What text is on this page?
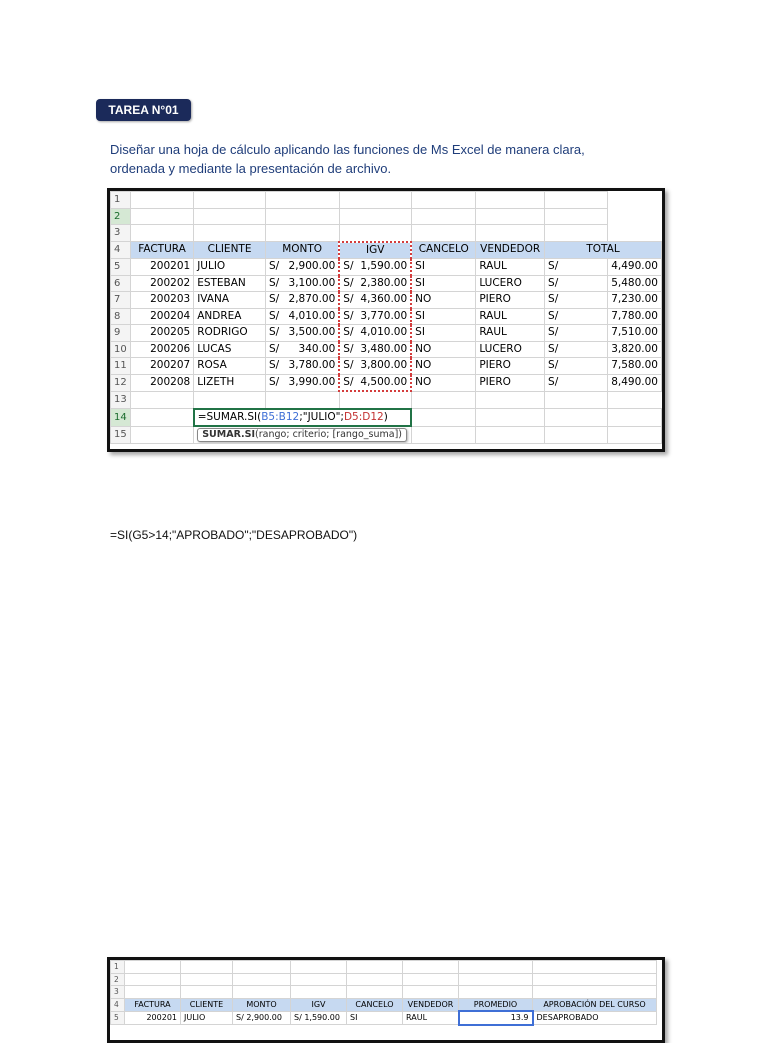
TAREA N°01
Diseñar una hoja de cálculo aplicando las funciones de Ms Excel de manera clara,
ordenada y mediante la presentación de archivo.
1								
2								
3								
4	FACTURA	CLIENTE	MONTO	IGV	CANCELO	VENDEDOR	TOTAL	
5	200201	JULIO	S/ 2,900.00	S/ 1,590.00	SI	RAUL	S/	4,490.00
6	200202	ESTEBAN	S/ 3,100.00	S/ 2,380.00	SI	LUCERO	S/	5,480.00
7	200203	IVANA	S/ 2,870.00	S/ 4,360.00	NO	PIERO	S/	7,230.00
8	200204	ANDREA	S/ 4,010.00	S/ 3,770.00	SI	RAUL	S/	7,780.00
9	200205	RODRIGO	S/ 3,500.00	S/ 4,010.00	SI	RAUL	S/	7,510.00
10	200206	LUCAS	S/ 340.00	S/ 3,480.00	NO	LUCERO	S/	3,820.00
11	200207	ROSA	S/ 3,780.00	S/ 3,800.00	NO	PIERO	S/	7,580.00
12	200208	LIZETH	S/ 3,990.00	S/ 4,500.00	NO	PIERO	S/	8,490.00
13								
14		=SUMAR.SI(B5:B12;"JULIO";D5:D12)						
15		SUMAR.SI(rango; criterio; [rango_suma])						
=SI(G5>14;"APROBADO";"DESAPROBADO")
1								
2								
3								
4	FACTURA	CLIENTE	MONTO	IGV	CANCELO	VENDEDOR	PROMEDIO	APROBACIÓN DEL CURSO
5	200201	JULIO	S/ 2,900.00	S/ 1,590.00	SI	RAUL	13.9	DESAPROBADO
